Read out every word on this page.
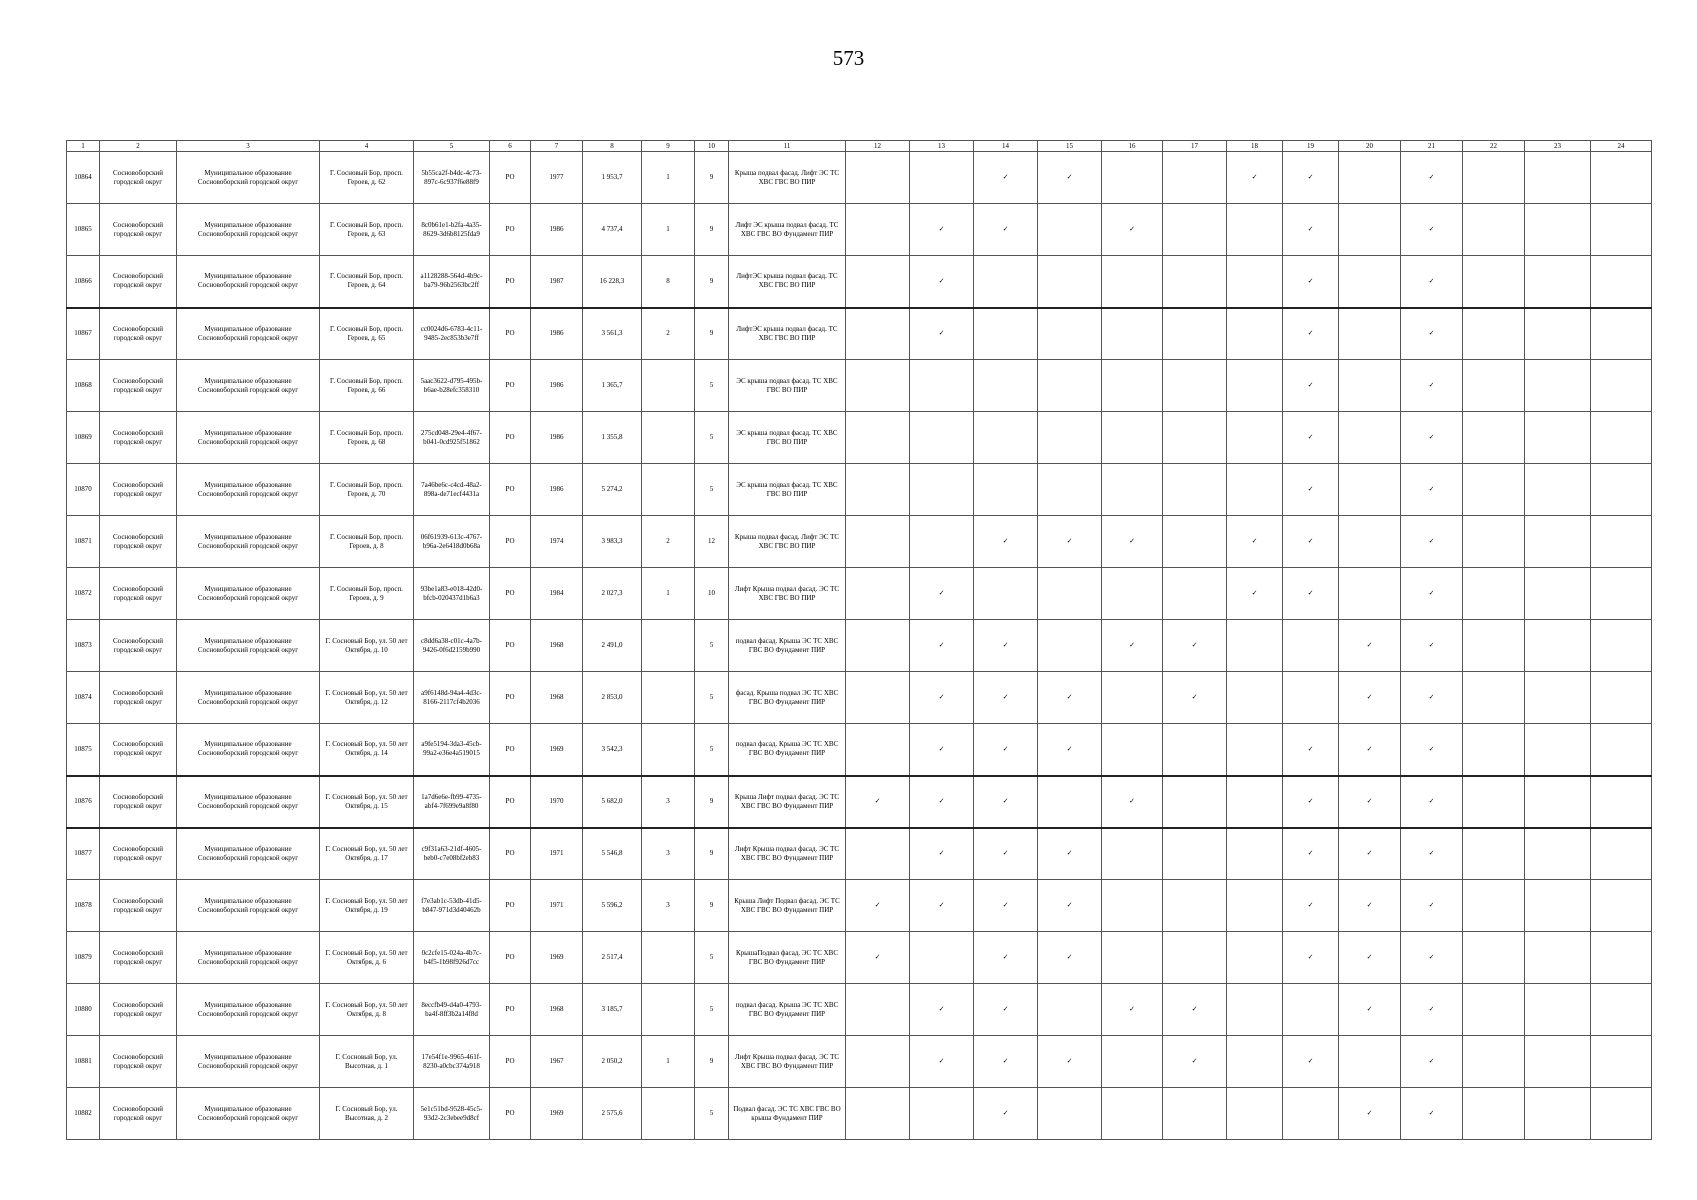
573
1	2	3	4	5	6	7	8	9	10	11	12	13	14	15	16	17	18	19	20	21	22	23	24
10864	Сосновоборский городской округ	Муниципальное образование Сосновоборский городской округ	Г. Сосновый Бор, просп. Героев, д. 62	5b55ca2f-b4dc-4c73-897c-6c937f6e88f9	РО	1977	1 953,7	1	9	Крыша подвал фасад. Лифт ЭС ТС ХВС ГВС ВО ПИР			✓	✓			✓	✓		✓			
10865	Сосновоборский городской округ	Муниципальное образование Сосновоборский городской округ	Г. Сосновый Бор, просп. Героев, д. 63	8c0b61e1-b2fa-4a35-8629-3d6b8125fda9	РО	1986	4 737,4	1	9	Лифт ЭС крыша подвал фасад. ТС ХВС ГВС ВО Фундамент ПИР		✓	✓		✓			✓		✓			
10866	Сосновоборский городской округ	Муниципальное образование Сосновоборский городской округ	Г. Сосновый Бор, просп. Героев, д. 64	a1128288-564d-4b9c-ba79-96b2563bc2ff	РО	1987	16 228,3	8	9	ЛифтЭС крыша подвал фасад. ТС ХВС ГВС ВО ПИР		✓						✓		✓			
10867	Сосновоборский городской округ	Муниципальное образование Сосновоборский городской округ	Г. Сосновый Бор, просп. Героев, д. 65	cc0024d6-6783-4c11-9485-2ec853b3e7ff	РО	1986	3 561,3	2	9	ЛифтЭС крыша подвал фасад. ТС ХВС ГВС ВО ПИР		✓						✓		✓			
10868	Сосновоборский городской округ	Муниципальное образование Сосновоборский городской округ	Г. Сосновый Бор, просп. Героев, д. 66	5aac3622-d795-495b-b6ae-b28efc358310	РО	1986	1 365,7		5	ЭС крыша подвал фасад. ТС ХВС ГВС ВО ПИР								✓		✓			
10869	Сосновоборский городской округ	Муниципальное образование Сосновоборский городской округ	Г. Сосновый Бор, просп. Героев, д. 68	275cd048-29e4-4f67-b041-0cd925f51862	РО	1986	1 355,8		5	ЭС крыша подвал фасад. ТС ХВС ГВС ВО ПИР								✓		✓			
10870	Сосновоборский городской округ	Муниципальное образование Сосновоборский городской округ	Г. Сосновый Бор, просп. Героев, д. 70	7a46be6c-c4cd-48a2-898a-de71ecf4431a	РО	1986	5 274,2		5	ЭС крыша подвал фасад. ТС ХВС ГВС ВО ПИР								✓		✓			
10871	Сосновоборский городской округ	Муниципальное образование Сосновоборский городской округ	Г. Сосновый Бор, просп. Героев, д. 8	06f61939-613c-4767-b96a-2e6418d0b68a	РО	1974	3 983,3	2	12	Крыша подвал фасад. Лифт ЭС ТС ХВС ГВС ВО ПИР			✓	✓	✓		✓	✓		✓			
10872	Сосновоборский городской округ	Муниципальное образование Сосновоборский городской округ	Г. Сосновый Бор, просп. Героев, д. 9	93be1a83-e018-42d0-bfcb-020437d1b6a3	РО	1984	2 027,3	1	10	Лифт Крыша подвал фасад. ЭС ТС ХВС ГВС ВО ПИР		✓					✓	✓		✓			
10873	Сосновоборский городской округ	Муниципальное образование Сосновоборский городской округ	Г. Сосновый Бор, ул. 50 лет Октября, д. 10	c8dd6a38-c01c-4a7b-9426-0f6d2159b990	РО	1968	2 491,0		5	подвал фасад. Крыша ЭС ТС ХВС ГВС ВО Фундамент ПИР		✓	✓		✓	✓			✓	✓			
10874	Сосновоборский городской округ	Муниципальное образование Сосновоборский городской округ	Г. Сосновый Бор, ул. 50 лет Октября, д. 12	a9f6148d-94a4-4d3c-8166-2117cf4b2036	РО	1968	2 853,0		5	фасад. Крыша подвал ЭС ТС ХВС ГВС ВО Фундамент ПИР		✓	✓	✓		✓			✓	✓			
10875	Сосновоборский городской округ	Муниципальное образование Сосновоборский городской округ	Г. Сосновый Бор, ул. 50 лет Октября, д. 14	a9fe5194-3da3-45cb-99a2-e36e4a519015	РО	1969	3 542,3		5	подвал фасад. Крыша ЭС ТС ХВС ГВС ВО Фундамент ПИР		✓	✓	✓				✓	✓	✓			
10876	Сосновоборский городской округ	Муниципальное образование Сосновоборский городской округ	Г. Сосновый Бор, ул. 50 лет Октября, д. 15	1a7d6e6e-fb99-4735-abf4-7f699e9a8f80	РО	1970	5 682,0	3	9	Крыша Лифт подвал фасад. ЭС ТС ХВС ГВС ВО Фундамент ПИР	✓	✓	✓		✓			✓	✓	✓			
10877	Сосновоборский городской округ	Муниципальное образование Сосновоборский городской округ	Г. Сосновый Бор, ул. 50 лет Октября, д. 17	c9f31a63-21df-4605-beb0-c7e08bf2eb83	РО	1971	5 546,8	3	9	Лифт Крыша подвал фасад. ЭС ТС ХВС ГВС ВО Фундамент ПИР		✓	✓	✓				✓	✓	✓			
10878	Сосновоборский городской округ	Муниципальное образование Сосновоборский городской округ	Г. Сосновый Бор, ул. 50 лет Октября, д. 19	f7e3ab1c-53db-41d5-b847-971d3d40462b	РО	1971	5 596,2	3	9	Крыша Лифт Подвал фасад. ЭС ТС ХВС ГВС ВО Фундамент ПИР	✓	✓	✓	✓				✓	✓	✓			
10879	Сосновоборский городской округ	Муниципальное образование Сосновоборский городской округ	Г. Сосновый Бор, ул. 50 лет Октября, д. 6	0c2cfe15-024a-4b7c-b4f5-1b98f926d7cc	РО	1969	2 517,4		5	КрышаПодвал фасад. ЭС ТС ХВС ГВС ВО Фундамент ПИР	✓		✓	✓				✓	✓	✓			
10880	Сосновоборский городской округ	Муниципальное образование Сосновоборский городской округ	Г. Сосновый Бор, ул. 50 лет Октября, д. 8	8eccfb49-d4a0-4793-ba4f-8ff3b2a14f8d	РО	1968	3 185,7		5	подвал фасад. Крыша ЭС ТС ХВС ГВС ВО Фундамент ПИР		✓	✓		✓	✓			✓	✓			
10881	Сосновоборский городской округ	Муниципальное образование Сосновоборский городской округ	Г. Сосновый Бор, ул. Высотная, д. 1	17e54f1e-9965-461f-8230-a0cbc374a918	РО	1967	2 050,2	1	9	Лифт Крыша подвал фасад. ЭС ТС ХВС ГВС ВО Фундамент ПИР		✓	✓	✓		✓		✓		✓			
10882	Сосновоборский городской округ	Муниципальное образование Сосновоборский городской округ	Г. Сосновый Бор, ул. Высотная, д. 2	5e1c51bd-9528-45c5-93d2-2c3ebee9d8cf	РО	1969	2 575,6		5	Подвал фасад. ЭС ТС ХВС ГВС ВО крыша Фундамент ПИР			✓						✓	✓			
